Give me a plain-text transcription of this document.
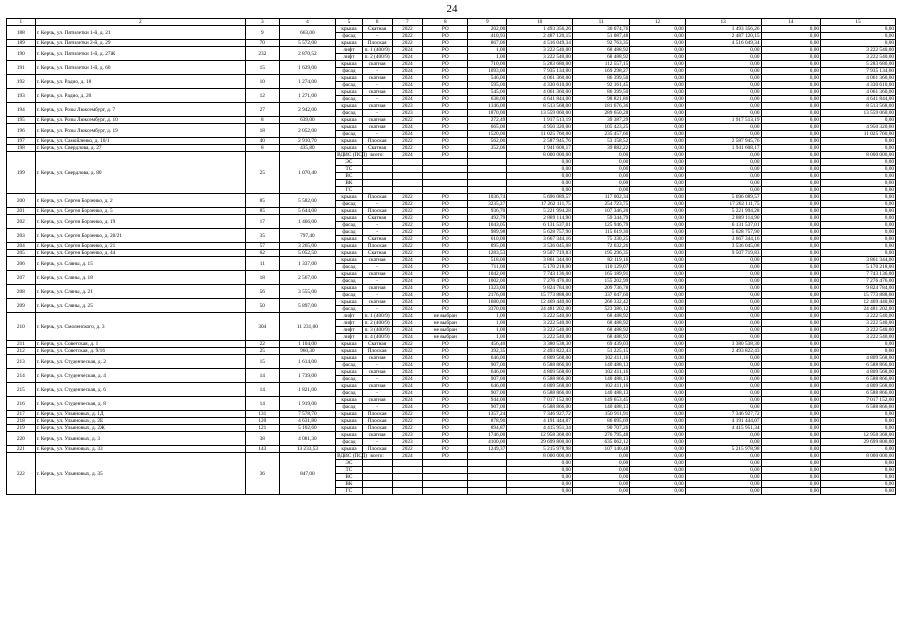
24
1	2	3	4	5	6	7	8	9	10	11	12	13	14	15
188	г. Керчь, ул. Пятилетки 1-й, д. 21	9	663,00	крыша	Скатная	2022	РО	202,00	1 493 356,26	30 674,76	0,00	1 493 356,26	0,00	0,00
				фасад	-	2022	РО	410,93	2 487 120,15	51 087,48	0,00	2 487 120,15	0,00	0,00
189	г. Керчь, ул. Пятилетки 2-й, д. 29	70	5 572,00	крыша	Плоская	2022	РО	867,06	4 516 049,34	92 763,35	0,00	4 516 049,34	0,00	0,00
190	г. Керчь, ул. Пятилетки 1-й, д. 27Ж	232	2 870,52	лифт	п. 1 (400/9)	2024	РО	1,00	3 222 540,00	68 488,92	0,00	0,00	0,00	3 222 540,00
				лифт	п. 2 (400/9)	2024	РО	1,00	3 222 540,00	68 488,92	0,00	0,00	0,00	3 222 540,00
191	г. Керчь, ул. Пятилетки 1-й, д. 60	15	1 629,00	крыша	скатная	2024	РО	710,00	5 283 680,00	112 557,15	0,00	0,00	0,00	5 283 680,00
				фасад	-	2024	РО	1093,00	7 935 134,00	169 298,27	0,00	0,00	0,00	7 935 134,00
192	г. Керчь, ул. Радио, д. 18	10	1 274,00	крыша	скатная	2024	РО	546,00	4 061 360,00	86 399,50	0,00	0,00	0,00	4 061 360,00
				фасад	-	2024	РО	595,00	4 330 610,00	92 161,45	0,00	0,00	0,00	4 330 610,00
193	г. Керчь, ул. Радио, д. 20	12	1 271,00	крыша	скатная	2024	РО	545,00	4 061 360,00	86 399,50	0,00	0,00	0,00	4 061 360,00
				фасад	-	2024	РО	638,00	4 641 844,00	98 821,86	0,00	0,00	0,00	4 641 844,00
194	г. Керчь, ул. Розы Люксембург, д. 7	27	2 942,00	крыша	скатная	2023	РО	1146,00	8 513 568,00	181 676,36	0,00	0,00	0,00	8 513 568,00
				фасад	-	2023	РО	1870,00	13 559 060,00	289 650,28	0,00	0,00	0,00	13 559 060,00
195	г. Керчь, ул. Розы Люксембург, д. 10	8	639,00	крыша	скатная	2022	РО	272,49	1 917 513,19	39 387,29	0,00	1 917 513,19	0,00	0,00
196	г. Керчь, ул. Розы Люксембург, д. 19	18	2 052,00	крыша	скатная	2024	РО	665,00	4 950 320,00	105 423,25	0,00	0,00	0,00	4 950 320,00
				фасад	-	2024	РО	1520,00	11 025 760,00	235 457,66	0,00	0,00	0,00	11 025 760,00
197	г. Керчь, ул. Самойленко, д. 10/1	40	2 910,70	крыша	Плоская	2022	РО	562,00	2 587 945,76	53 158,52	0,00	2 587 945,76	0,00	0,00
198	г. Керчь, ул. Свердлова, д. 27	8	435,80	крыша	Скатная	2022	РО	352,06	1 941 608,17	39 882,22	0,00	1 941 608,17	0,00	0,00
199	г. Керчь, ул. Свердлова, д. 80	25	1 070,40	ВДИС (ПСД)	всего:	2024	РО		8 000 000,00	0,00	0,00	0,00	0,00	8 000 000,00
				ЭС					0,00	0,00	0,00	0,00	0,00	0,00
				ТС					0,00	0,00	0,00	0,00	0,00	0,00
				ВС					0,00	0,00	0,00	0,00	0,00	0,00
				ВК					0,00	0,00	0,00	0,00	0,00	0,00
				ГС					0,00	0,00	0,00	0,00	0,00	0,00
200	г. Керчь, ул. Сергея Борзенко, д. 2	85	5 582,00	крыша	Плоская	2022	РО	1036,74	5 696 089,57	117 002,34	0,00	5 696 089,57	0,00	0,00
				фасад	-	2022	РО	3235,27	17 262 111,75	254 723,75	0,00	17 262 111,75	0,00	0,00
201	г. Керчь, ул. Сергея Борзенко, д. 5	85	5 644,00	крыша	Плоская	2022	РО	936,70	5 221 994,28	107 346,20	0,00	5 221 994,28	0,00	0,00
202	г. Керчь, ул. Сергея Борзенко, д. 19	17	1 466,00	крыша	Скатная	2022	РО	492,79	2 889 114,90	59 344,79	0,00	2 889 114,90	0,00	0,00
				фасад	-	2022	РО	1043,05	6 131 537,01	125 946,79	0,00	6 131 537,01	0,00	0,00
203	г. Керчь, ул. Сергея Борзенко, д. 20/21	35	797,40	фасад	-	2022	РО	989,98	5 628 757,90	115 619,30	0,00	5 628 757,90	0,00	0,00
				крыша	Скатная	2022	РО	610,00	3 667 344,16	75 330,25	0,00	3 667 344,16	0,00	0,00
204	г. Керчь, ул. Сергея Борзенко, д. 21	57	3 265,00	крыша	Плоская	2022	РО	895,00	3 536 045,08	72 632,26	0,00	3 536 045,08	0,00	0,00
205	г. Керчь, ул. Сергея Борзенко, д. 44	62	5 052,50	крыша	Скатная	2022	РО	1283,53	9 507 719,83	195 296,35	0,00	9 507 719,83	0,00	0,00
206	г. Керчь, ул. Сляны, д. 15	11	1 337,00	крыша	скатная	2024	РО	518,00	3 861 344,00	82 119,16	0,00	0,00	0,00	3 861 344,00
				фасад	-	2024	РО	711,00	5 170 218,00	110 129,07	0,00	0,00	0,00	5 170 218,00
207	г. Керчь, ул. Сляны, д. 18	18	2 567,00	крыша	скатная	2024	РО	1042,00	7 743 136,00	165 189,91	0,00	0,00	0,00	7 743 136,00
				фасад	-	2024	РО	1002,00	7 276 476,00	155 202,99	0,00	0,00	0,00	7 276 476,00
208	г. Керчь, ул. Сляны, д. 21	56	3 555,00	крыша	скатная	2024	РО	1323,00	9 824 784,00	209 736,78	0,00	0,00	0,00	9 824 784,00
				фасад	-	2024	РО	2176,00	15 773 888,00	337 047,60	0,00	0,00	0,00	15 773 888,00
209	г. Керчь, ул. Сляны, д. 25	50	5 897,00	крыша	скатная	2024	РО	1680,00	12 469 440,00	266 332,42	0,00	0,00	0,00	12 469 440,00
				фасад	-	2024	РО	3370,00	24 481 202,00	523 386,12	0,00	0,00	0,00	24 481 202,00
210	г. Керчь, ул. Смоленского, д. 3	304	11 231,00	лифт	п. 1 (400/9)	2024	не выбран	1,00	3 222 540,00	68 488,92	0,00	0,00	0,00	3 222 540,00
				лифт	п. 2 (400/9)	2024	не выбран	1,00	3 222 540,00	68 488,92	0,00	0,00	0,00	3 222 540,00
				лифт	п. 3 (400/9)	2024	не выбран	1,00	3 222 540,00	68 488,92	0,00	0,00	0,00	3 222 540,00
				лифт	п. 4 (400/9)	2024	не выбран	1,00	3 222 540,00	68 488,92	0,00	0,00	0,00	3 222 540,00
211	г. Керчь, ул. Советская, д. 1	22	1 104,00	крыша	Скатная	2022	РО	456,40	3 380 538,30	69 439,03	0,00	3 380 538,30	0,00	0,00
212	г. Керчь, ул. Советская, д. 9/16	25	960,30	крыша	Плоская	2022	РО	392,35	2 493 822,43	51 225,15	0,00	2 493 822,43	0,00	0,00
213	г. Керчь, ул. Студенческая, д. 2	15	1 614,00	крыша	скатная	2024	РО	646,00	4 809 568,00	102 411,16	0,00	0,00	0,00	4 809 568,00
				фасад	-	2024	РО	907,00	6 588 866,00	140 488,13	0,00	0,00	0,00	6 588 866,00
214	г. Керчь, ул. Студенческая, д. 4	14	1 739,00	крыша	скатная	2024	РО	646,00	4 809 568,00	102 411,16	0,00	0,00	0,00	4 809 568,00
				фасад	-	2024	РО	907,00	6 588 866,00	140 488,13	0,00	0,00	0,00	6 588 866,00
215	г. Керчь, ул. Студенческая, д. 6	14	1 821,00	крыша	скатная	2024	РО	646,00	4 809 568,00	102 411,16	0,00	0,00	0,00	4 809 568,00
				фасад	-	2024	РО	907,00	6 588 866,00	140 488,13	0,00	0,00	0,00	6 588 866,00
216	г. Керчь, ул. Студенческая, д. 8	14	1 919,00	крыша	скатная	2024	РО	944,00	7 017 152,00	149 653,45	0,00	0,00	0,00	7 017 152,00
				фасад	-	2024	РО	907,00	6 588 866,00	140 488,13	0,00	0,00	0,00	6 588 866,00
217	г. Керчь, ул. Ульяновых, д. 1Д	131	7 578,70	крыша	Плоская	2022	РО	1357,24	7 346 927,72	150 911,91	0,00	7 346 927,72	0,00	0,00
218	г. Керчь, ул. Ульяновых, д. 2Е	120	4 631,80	крыша	Плоская	2022	РО	878,90	4 191 444,07	86 095,69	0,00	4 191 444,07	0,00	0,00
219	г. Керчь, ул. Ульяновых, д. 2Ж	121	5 102,60	крыша	Плоская	2022	РО	894,87	4 415 951,34	90 707,26	0,00	4 415 951,34	0,00	0,00
220	г. Керчь, ул. Ульяновых, д. 3	38	4 081,30	крыша	скатная	2023	РО	1746,00	12 958 368,00	276 795,48	0,00	0,00	0,00	12 958 368,00
				фасад	-	2023	РО	4100,00	29 699 800,00	635 062,12	0,00	0,00	0,00	29 699 800,00
221	г. Керчь, ул. Ульяновых, д. 33	143	13 233,53	крыша	Плоская	2022	РО	1249,37	5 215 978,98	107 140,48	0,00	5 215 978,98	0,00	0,00
222	г. Керчь, ул. Ульяновых, д. 35	36	847,00	ВДИС (ПСД)	всего:	2024	РО		8 000 000,00	0,00	0,00	0,00	0,00	8 000 000,00
				ЭС					0,00	0,00	0,00	0,00	0,00	0,00
				ТС					0,00	0,00	0,00	0,00	0,00	0,00
				ВС					0,00	0,00	0,00	0,00	0,00	0,00
				ВК					0,00	0,00	0,00	0,00	0,00	0,00
				ГС					0,00	0,00	0,00	0,00	0,00	0,00
